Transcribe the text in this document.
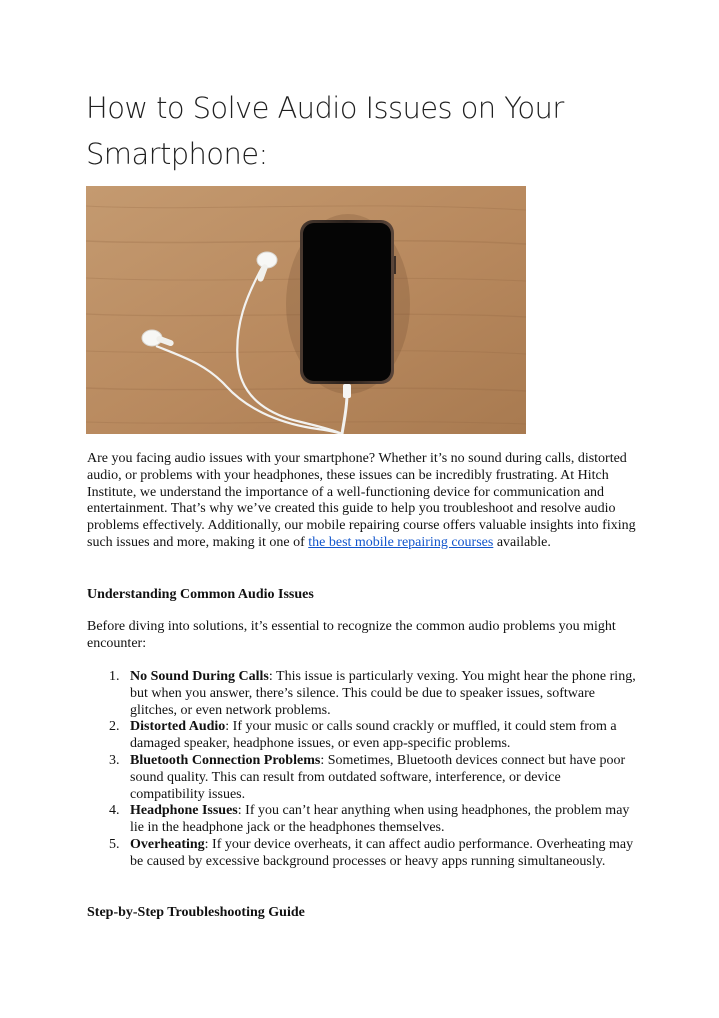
How to Solve Audio Issues on Your Smartphone:

Are you facing audio issues with your smartphone? Whether it’s no sound during calls, distorted audio, or problems with your headphones, these issues can be incredibly frustrating. At Hitch Institute, we understand the importance of a well-functioning device for communication and entertainment. That’s why we’ve created this guide to help you troubleshoot and resolve audio problems effectively. Additionally, our mobile repairing course offers valuable insights into fixing such issues and more, making it one of the best mobile repairing courses available.

Understanding Common Audio Issues

Before diving into solutions, it’s essential to recognize the common audio problems you might encounter:

1. No Sound During Calls: This issue is particularly vexing. You might hear the phone ring, but when you answer, there’s silence. This could be due to speaker issues, software glitches, or even network problems.
2. Distorted Audio: If your music or calls sound crackly or muffled, it could stem from a damaged speaker, headphone issues, or even app-specific problems.
3. Bluetooth Connection Problems: Sometimes, Bluetooth devices connect but have poor sound quality. This can result from outdated software, interference, or device compatibility issues.
4. Headphone Issues: If you can’t hear anything when using headphones, the problem may lie in the headphone jack or the headphones themselves.
5. Overheating: If your device overheats, it can affect audio performance. Overheating may be caused by excessive background processes or heavy apps running simultaneously.
Step-by-Step Troubleshooting Guide
